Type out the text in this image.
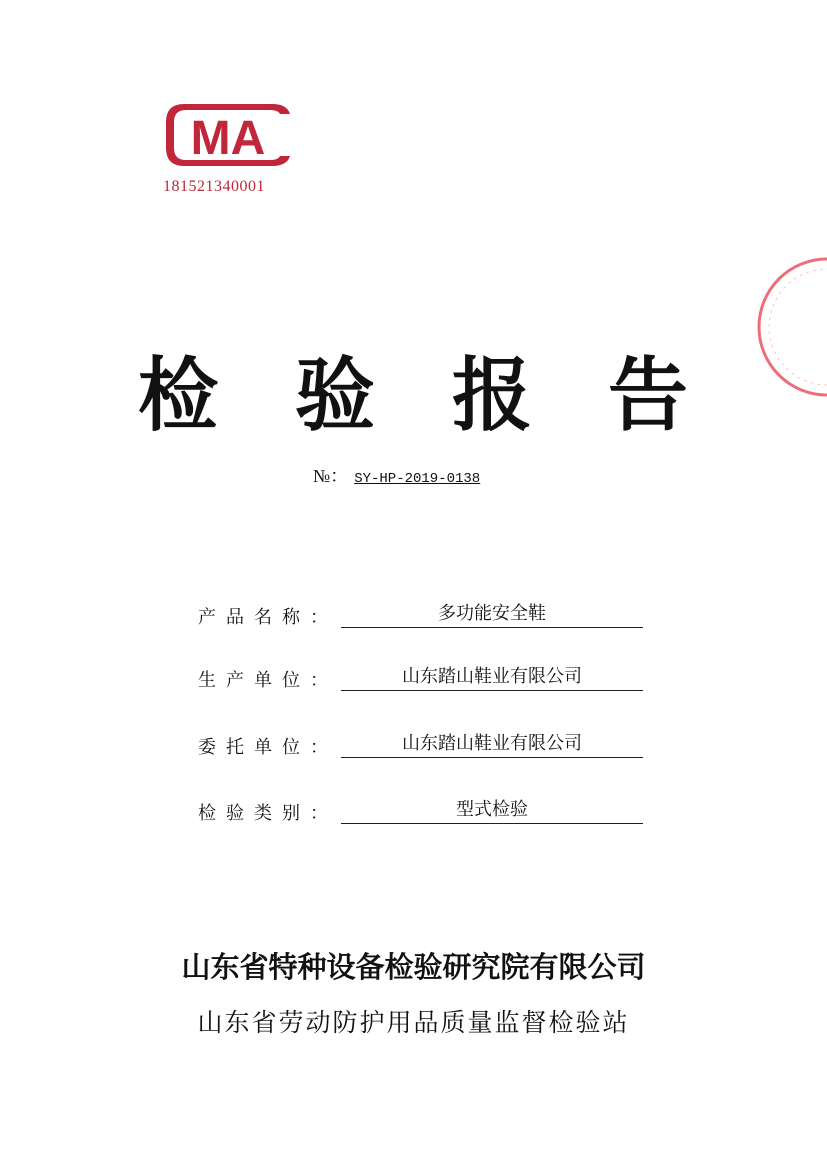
MA
181521340001
检 验 报 告
№： SY-HP-2019-0138
产品名称：	多功能安全鞋
生产单位：	山东踏山鞋业有限公司
委托单位：	山东踏山鞋业有限公司
检验类别：	型式检验
山东省特种设备检验研究院有限公司
山东省劳动防护用品质量监督检验站
